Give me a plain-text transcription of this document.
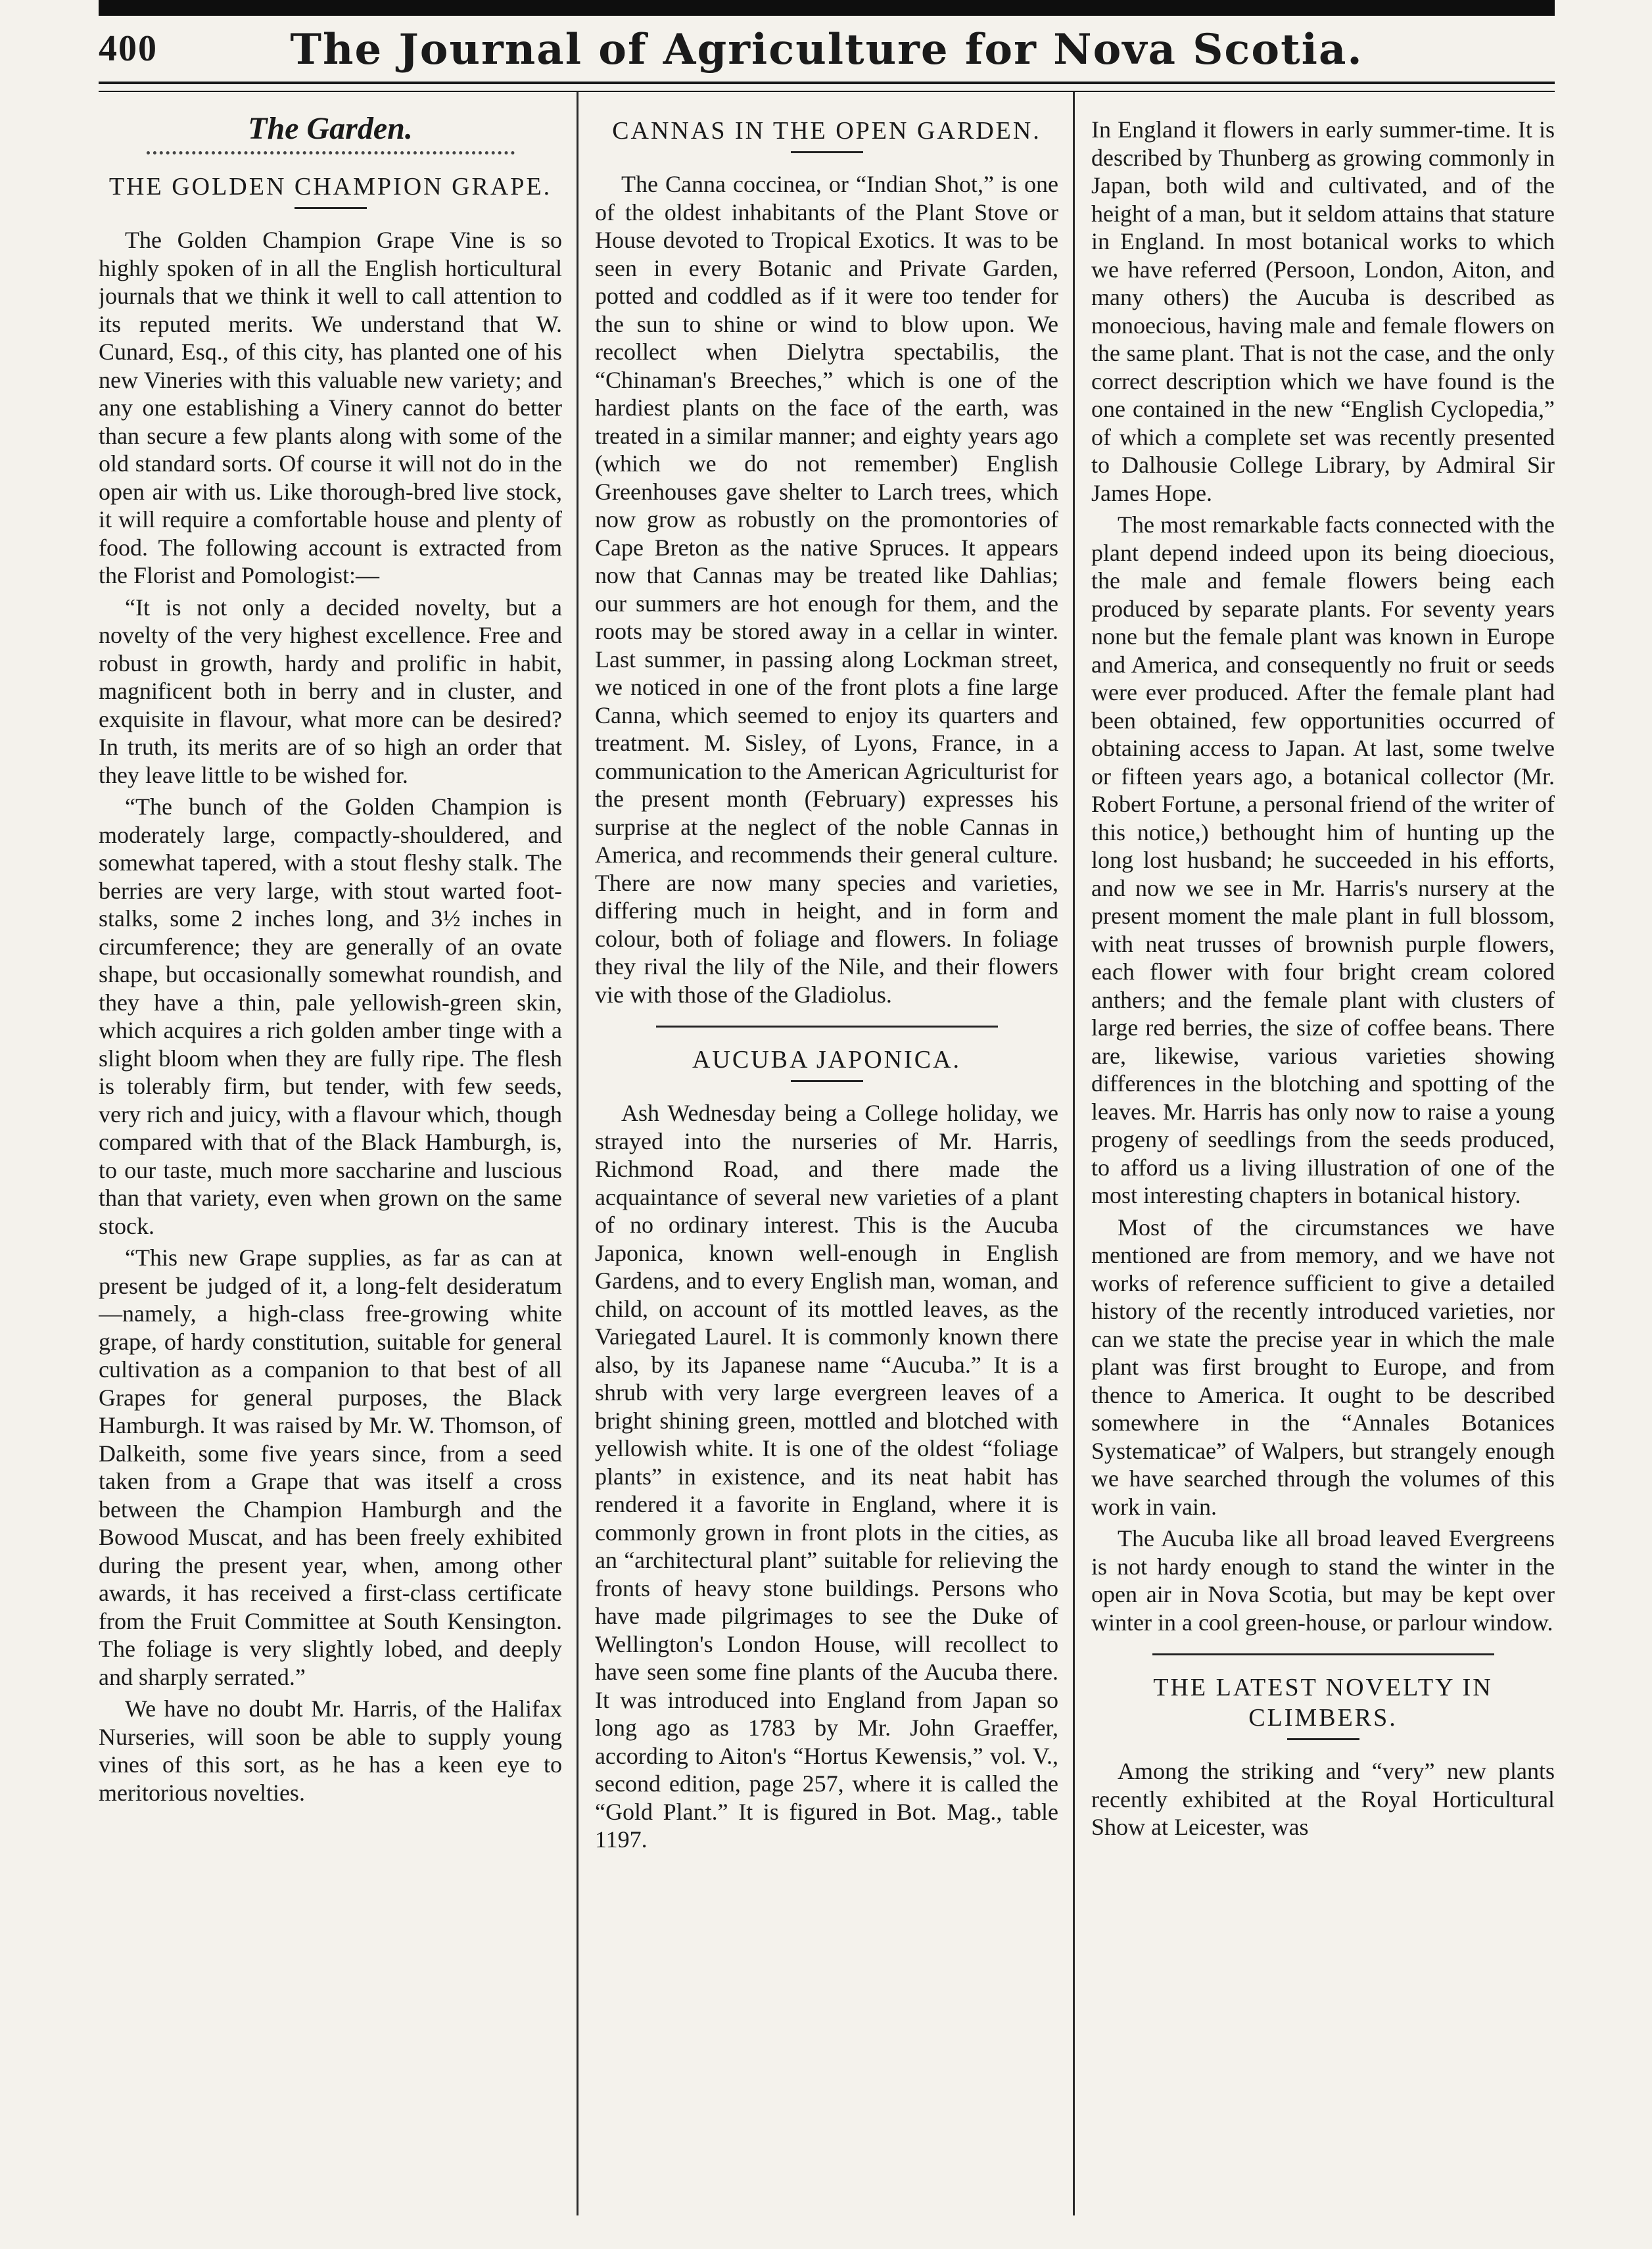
400	The Journal of Agriculture for Nova Scotia.
The Garden.
THE GOLDEN CHAMPION GRAPE.

The Golden Champion Grape Vine is so highly spoken of in all the English horticultural journals that we think it well to call attention to its reputed merits. We understand that W. Cunard, Esq., of this city, has planted one of his new Vineries with this valuable new variety; and any one establishing a Vinery cannot do better than secure a few plants along with some of the old standard sorts. Of course it will not do in the open air with us. Like thorough-bred live stock, it will require a comfortable house and plenty of food. The following account is extracted from the Florist and Pomologist:—

“It is not only a decided novelty, but a novelty of the very highest excellence. Free and robust in growth, hardy and prolific in habit, magnificent both in berry and in cluster, and exquisite in flavour, what more can be desired? In truth, its merits are of so high an order that they leave little to be wished for.

“The bunch of the Golden Champion is moderately large, compactly-shouldered, and somewhat tapered, with a stout fleshy stalk. The berries are very large, with stout warted foot-stalks, some 2 inches long, and 3½ inches in circumference; they are generally of an ovate shape, but occasionally somewhat roundish, and they have a thin, pale yellowish-green skin, which acquires a rich golden amber tinge with a slight bloom when they are fully ripe. The flesh is tolerably firm, but tender, with few seeds, very rich and juicy, with a flavour which, though compared with that of the Black Hamburgh, is, to our taste, much more saccharine and luscious than that variety, even when grown on the same stock.

“This new Grape supplies, as far as can at present be judged of it, a long-felt desideratum—namely, a high-class free-growing white grape, of hardy constitution, suitable for general cultivation as a companion to that best of all Grapes for general purposes, the Black Hamburgh. It was raised by Mr. W. Thomson, of Dalkeith, some five years since, from a seed taken from a Grape that was itself a cross between the Champion Hamburgh and the Bowood Muscat, and has been freely exhibited during the present year, when, among other awards, it has received a first-class certificate from the Fruit Committee at South Kensington. The foliage is very slightly lobed, and deeply and sharply serrated.”

We have no doubt Mr. Harris, of the Halifax Nurseries, will soon be able to supply young vines of this sort, as he has a keen eye to meritorious novelties.

CANNAS IN THE OPEN GARDEN.

The Canna coccinea, or “Indian Shot,” is one of the oldest inhabitants of the Plant Stove or House devoted to Tropical Exotics. It was to be seen in every Botanic and Private Garden, potted and coddled as if it were too tender for the sun to shine or wind to blow upon. We recollect when Dielytra spectabilis, the “Chinaman's Breeches,” which is one of the hardiest plants on the face of the earth, was treated in a similar manner; and eighty years ago (which we do not remember) English Greenhouses gave shelter to Larch trees, which now grow as robustly on the promontories of Cape Breton as the native Spruces. It appears now that Cannas may be treated like Dahlias; our summers are hot enough for them, and the roots may be stored away in a cellar in winter. Last summer, in passing along Lockman street, we noticed in one of the front plots a fine large Canna, which seemed to enjoy its quarters and treatment. M. Sisley, of Lyons, France, in a communication to the American Agriculturist for the present month (February) expresses his surprise at the neglect of the noble Cannas in America, and recommends their general culture. There are now many species and varieties, differing much in height, and in form and colour, both of foliage and flowers. In foliage they rival the lily of the Nile, and their flowers vie with those of the Gladiolus.

AUCUBA JAPONICA.

Ash Wednesday being a College holiday, we strayed into the nurseries of Mr. Harris, Richmond Road, and there made the acquaintance of several new varieties of a plant of no ordinary interest. This is the Aucuba Japonica, known well-enough in English Gardens, and to every English man, woman, and child, on account of its mottled leaves, as the Variegated Laurel. It is commonly known there also, by its Japanese name “Aucuba.” It is a shrub with very large evergreen leaves of a bright shining green, mottled and blotched with yellowish white. It is one of the oldest “foliage plants” in existence, and its neat habit has rendered it a favorite in England, where it is commonly grown in front plots in the cities, as an “architectural plant” suitable for relieving the fronts of heavy stone buildings. Persons who have made pilgrimages to see the Duke of Wellington's London House, will recollect to have seen some fine plants of the Aucuba there. It was introduced into England from Japan so long ago as 1783 by Mr. John Graeffer, according to Aiton's “Hortus Kewensis,” vol. V., second edition, page 257, where it is called the “Gold Plant.” It is figured in Bot. Mag., table 1197.

In England it flowers in early summer-time. It is described by Thunberg as growing commonly in Japan, both wild and cultivated, and of the height of a man, but it seldom attains that stature in England. In most botanical works to which we have referred (Persoon, London, Aiton, and many others) the Aucuba is described as monoecious, having male and female flowers on the same plant. That is not the case, and the only correct description which we have found is the one contained in the new “English Cyclopedia,” of which a complete set was recently presented to Dalhousie College Library, by Admiral Sir James Hope.

The most remarkable facts connected with the plant depend indeed upon its being dioecious, the male and female flowers being each produced by separate plants. For seventy years none but the female plant was known in Europe and America, and consequently no fruit or seeds were ever produced. After the female plant had been obtained, few opportunities occurred of obtaining access to Japan. At last, some twelve or fifteen years ago, a botanical collector (Mr. Robert Fortune, a personal friend of the writer of this notice,) bethought him of hunting up the long lost husband; he succeeded in his efforts, and now we see in Mr. Harris's nursery at the present moment the male plant in full blossom, with neat trusses of brownish purple flowers, each flower with four bright cream colored anthers; and the female plant with clusters of large red berries, the size of coffee beans. There are, likewise, various varieties showing differences in the blotching and spotting of the leaves. Mr. Harris has only now to raise a young progeny of seedlings from the seeds produced, to afford us a living illustration of one of the most interesting chapters in botanical history.

Most of the circumstances we have mentioned are from memory, and we have not works of reference sufficient to give a detailed history of the recently introduced varieties, nor can we state the precise year in which the male plant was first brought to Europe, and from thence to America. It ought to be described somewhere in the “Annales Botanices Systematicae” of Walpers, but strangely enough we have searched through the volumes of this work in vain.

The Aucuba like all broad leaved Evergreens is not hardy enough to stand the winter in the open air in Nova Scotia, but may be kept over winter in a cool green-house, or parlour window.

THE LATEST NOVELTY IN CLIMBERS.

Among the striking and “very” new plants recently exhibited at the Royal Horticultural Show at Leicester, was
